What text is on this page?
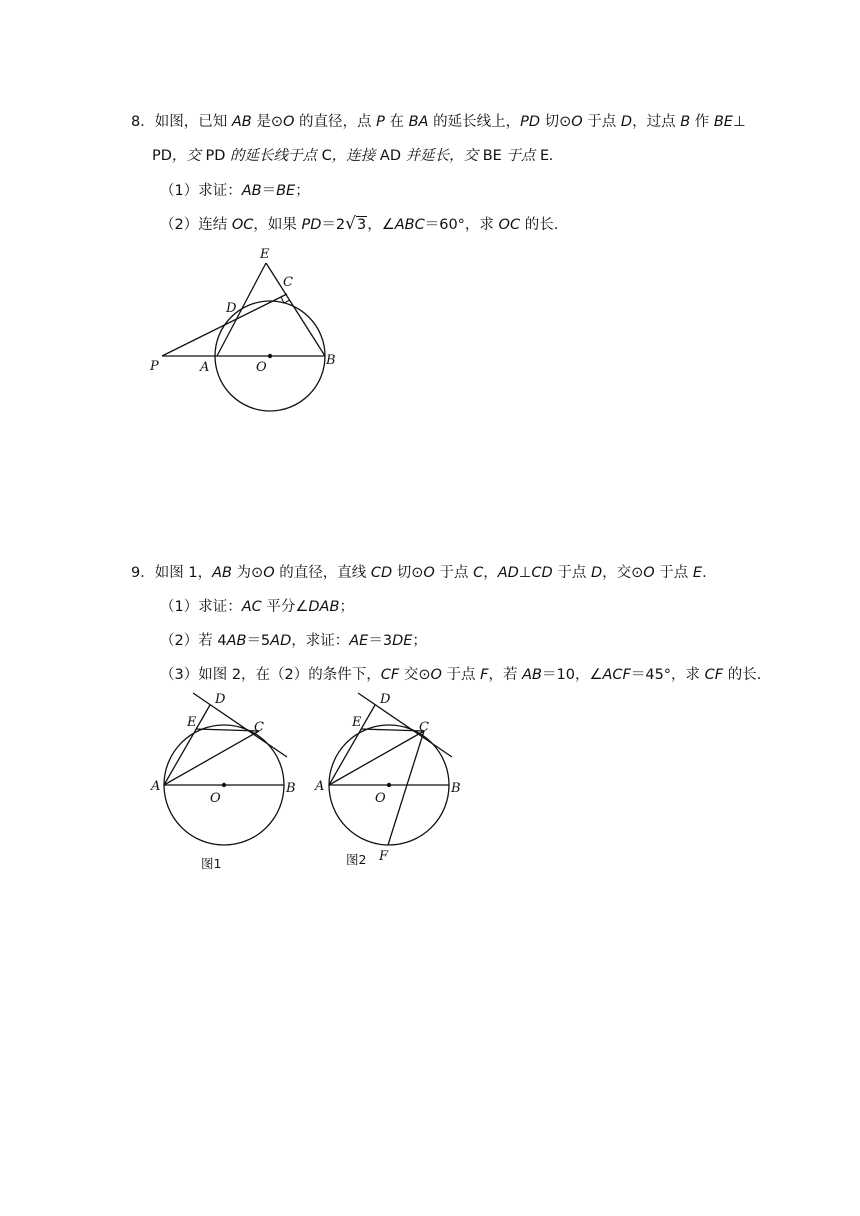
8．如图，已知 AB 是⊙O 的直径，点 P 在 BA 的延长线上，PD 切⊙O 于点 D，过点 B 作 BE⊥
PD，交 PD 的延长线于点 C，连接 AD 并延长，交 BE 于点 E.
（1）求证：AB＝BE；
（2）连结 OC，如果 PD＝2√3，∠ABC＝60°，求 OC 的长.
E
C
D
P	A	O	B
9．如图 1，AB 为⊙O 的直径，直线 CD 切⊙O 于点 C，AD⊥CD 于点 D，交⊙O 于点 E.
（1）求证：AC 平分∠DAB；
（2）若 4AB＝5AD，求证：AE＝3DE；
（3）如图 2，在（2）的条件下，CF 交⊙O 于点 F，若 AB＝10，∠ACF＝45°，求 CF 的长.
D
E	C
A
O
B
图1
D
E	C
A
O
B
F
图2
